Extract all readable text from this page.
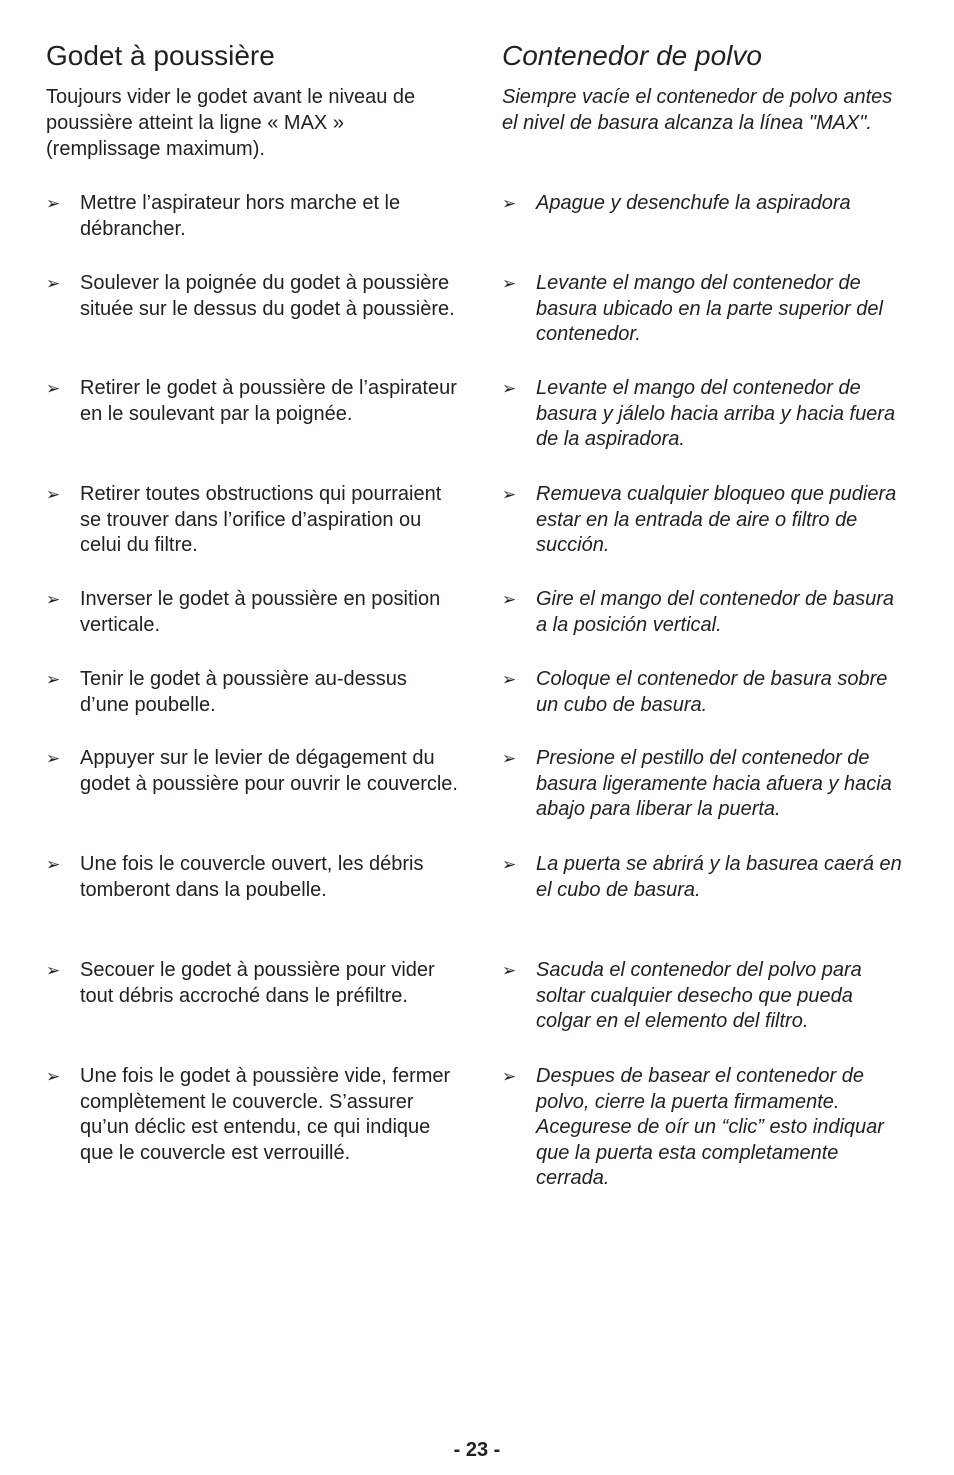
Godet à poussière

Toujours vider le godet avant le niveau de poussière atteint la ligne « MAX » (remplissage maximum).

➢ Mettre l’aspirateur hors marche et le débrancher.
➢ Soulever la poignée du godet à poussière située sur le dessus du godet à poussière.
➢ Retirer le godet à poussière de l’aspirateur en le soulevant par la poignée.
➢ Retirer toutes obstructions qui pourraient se trouver dans l’orifice d’aspiration ou celui du filtre.
➢ Inverser le godet à poussière en position verticale.
➢ Tenir le godet à poussière au-dessus d’une poubelle.
➢ Appuyer sur le levier de dégagement du godet à poussière pour ouvrir le couvercle.
➢ Une fois le couvercle ouvert, les débris tomberont dans la poubelle.
➢ Secouer le godet à poussière pour vider tout débris accroché dans le préfiltre.
➢ Une fois le godet à poussière vide, fermer complètement le couvercle. S’assurer qu’un déclic est entendu, ce qui indique que le couvercle est verrouillé.
Contenedor de polvo

Siempre vacíe el contenedor de polvo antes el nivel de basura alcanza la línea "MAX".

➢ Apague y desenchufe la aspiradora
➢ Levante el mango del contenedor de basura ubicado en la parte superior del contenedor.
➢ Levante el mango del contenedor de basura y jálelo hacia arriba y hacia fuera de la aspiradora.
➢ Remueva cualquier bloqueo que pudiera estar en la entrada de aire o filtro de succión.
➢ Gire el mango del contenedor de basura a la posición vertical.
➢ Coloque el contenedor de basura sobre un cubo de basura.
➢ Presione el pestillo del contenedor de basura ligeramente hacia afuera y hacia abajo para liberar la puerta.
➢ La puerta se abrirá y la basurea caerá en el cubo de basura.
➢ Sacuda el contenedor del polvo para soltar cualquier desecho que pueda colgar en el elemento del filtro.
➢ Despues de basear el contenedor de polvo, cierre la puerta firmamente. Acegurese de oír un “clic” esto indiquar que la puerta esta completamente cerrada.
- 23 -
